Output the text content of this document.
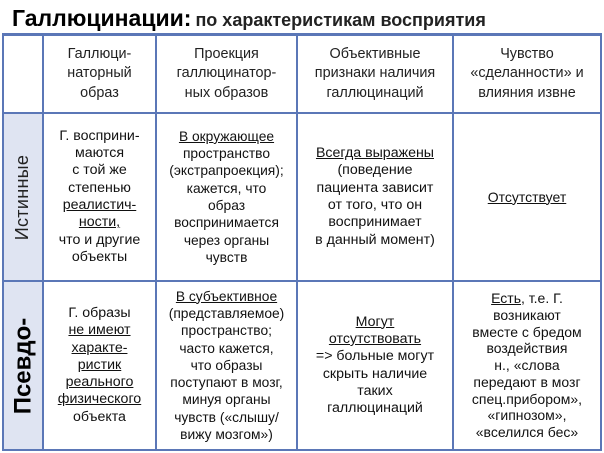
Галлюцинации: по характеристикам восприятия
Галлюци-
наторный
образ
Проекция
галлюцинатор-
ных образов
Объективные
признаки наличия
галлюцинаций
Чувство
«сделанности» и
влияния извне
Истинные
Г. восприни-
маются
с той же
степенью
реалистич-
ности,
что и другие
объекты
В окружающее
пространство
(экстрапроекция);
кажется, что
образ
воспринимается
через органы
чувств
Всегда выражены
(поведение
пациента зависит
от того, что он
воспринимает
в данный момент)
Отсутствует
Псевдо-
Г. образы
не имеют
характе-
ристик
реального
физического
объекта
В субъективное
(представляемое)
пространство;
часто кажется,
что образы
поступают в мозг,
минуя органы
чувств («слышу/
вижу мозгом»)
Могут
отсутствовать
=> больные могут
скрыть наличие
таких
галлюцинаций
Есть, т.е. Г.
возникают
вместе с бредом
воздействия
н., «слова
передают в мозг
спец.прибором»,
«гипнозом»,
«вселился бес»
